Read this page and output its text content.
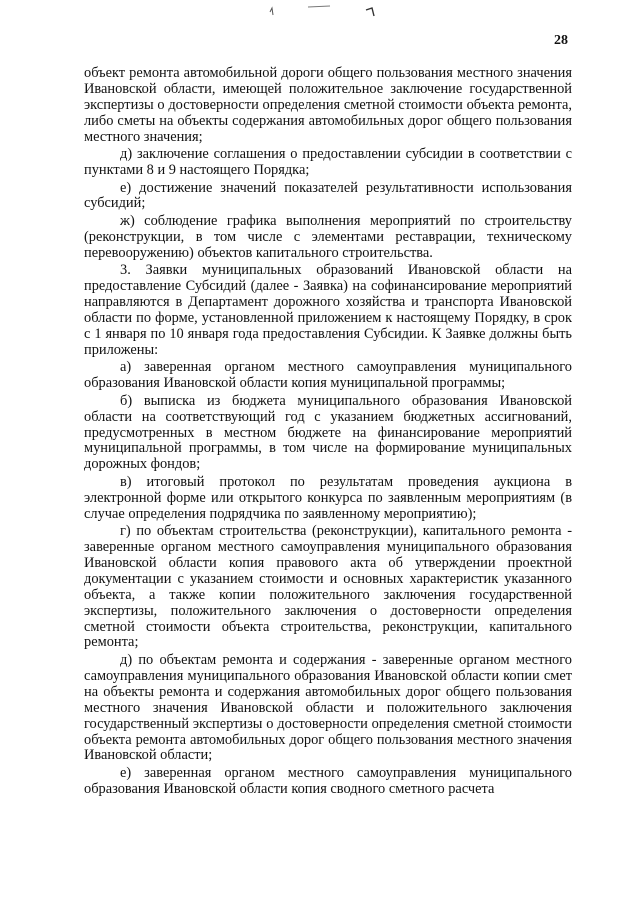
28

объект ремонта автомобильной дороги общего пользования местного значения Ивановской области, имеющей положительное заключение государственной экспертизы о достоверности определения сметной стоимости объекта ремонта, либо сметы на объекты содержания автомобильных дорог общего пользования местного значения;

д) заключение соглашения о предоставлении субсидии в соответствии с пунктами 8 и 9 настоящего Порядка;

е) достижение значений показателей результативности использования субсидий;

ж) соблюдение графика выполнения мероприятий по строительству (реконструкции, в том числе с элементами реставрации, техническому перевооружению) объектов капитального строительства.

3. Заявки муниципальных образований Ивановской области на предоставление Субсидий (далее - Заявка) на софинансирование мероприятий направляются в Департамент дорожного хозяйства и транспорта Ивановской области по форме, установленной приложением к настоящему Порядку, в срок с 1 января по 10 января года предоставления Субсидии. К Заявке должны быть приложены:

а) заверенная органом местного самоуправления муниципального образования Ивановской области копия муниципальной программы;

б) выписка из бюджета муниципального образования Ивановской области на соответствующий год с указанием бюджетных ассигнований, предусмотренных в местном бюджете на финансирование мероприятий муниципальной программы, в том числе на формирование муниципальных дорожных фондов;

в) итоговый протокол по результатам проведения аукциона в электронной форме или открытого конкурса по заявленным мероприятиям (в случае определения подрядчика по заявленному мероприятию);

г) по объектам строительства (реконструкции), капитального ремонта - заверенные органом местного самоуправления муниципального образования Ивановской области копия правового акта об утверждении проектной документации с указанием стоимости и основных характеристик указанного объекта, а также копии положительного заключения государственной экспертизы, положительного заключения о достоверности определения сметной стоимости объекта строительства, реконструкции, капитального ремонта;

д) по объектам ремонта и содержания - заверенные органом местного самоуправления муниципального образования Ивановской области копии смет на объекты ремонта и содержания автомобильных дорог общего пользования местного значения Ивановской области и положительного заключения государственный экспертизы о достоверности определения сметной стоимости объекта ремонта автомобильных дорог общего пользования местного значения Ивановской области;

е) заверенная органом местного самоуправления муниципального образования Ивановской области копия сводного сметного расчета
